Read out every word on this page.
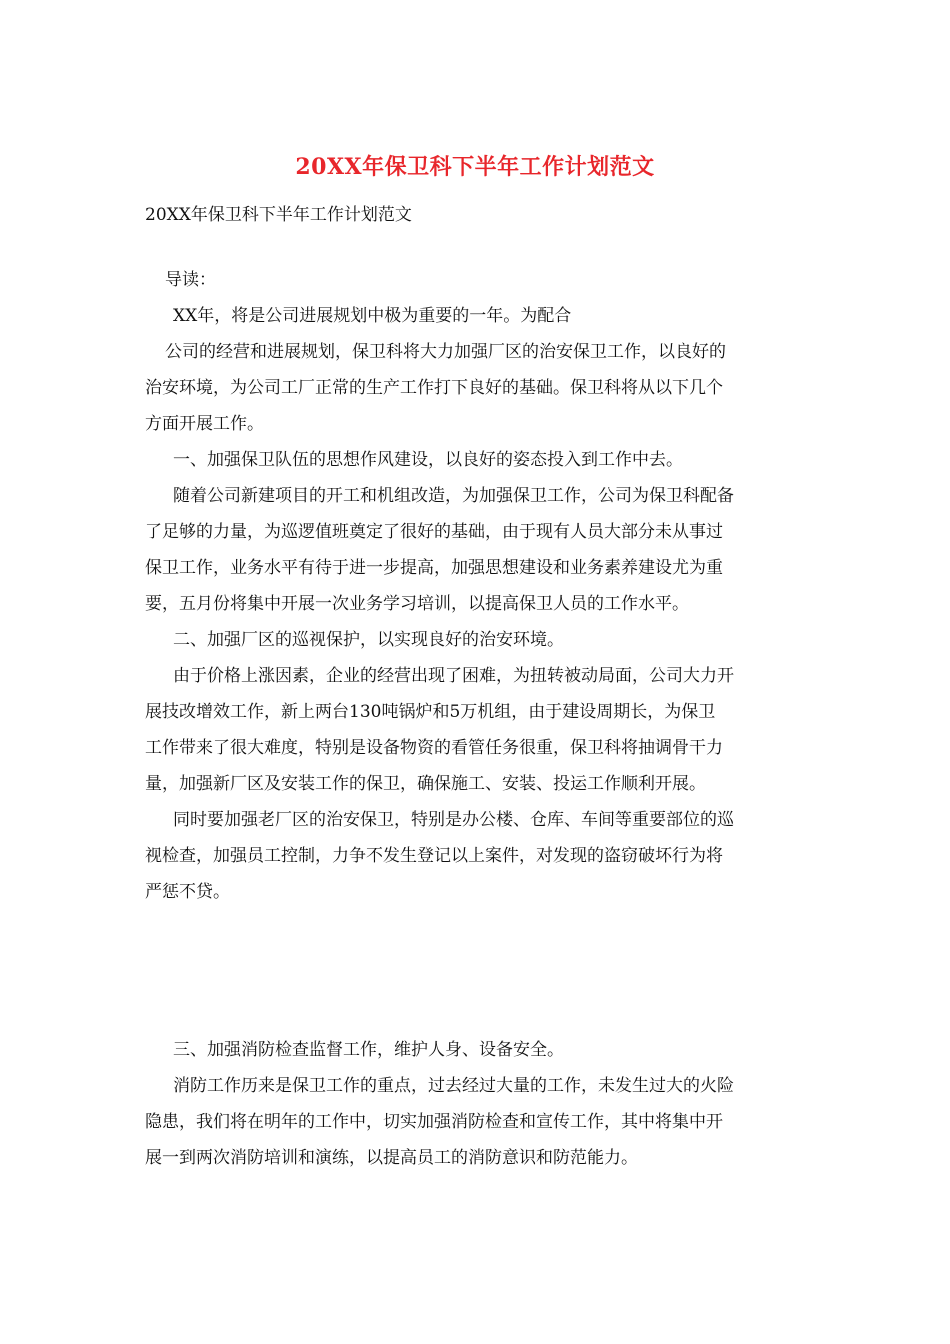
20XX年保卫科下半年工作计划范文
20XX年保卫科下半年工作计划范文
导读：
XX年，将是公司进展规划中极为重要的一年。为配合
公司的经营和进展规划，保卫科将大力加强厂区的治安保卫工作，以良好的
治安环境，为公司工厂正常的生产工作打下良好的基础。保卫科将从以下几个
方面开展工作。
一、加强保卫队伍的思想作风建设，以良好的姿态投入到工作中去。
随着公司新建项目的开工和机组改造，为加强保卫工作，公司为保卫科配备
了足够的力量，为巡逻值班奠定了很好的基础，由于现有人员大部分未从事过
保卫工作，业务水平有待于进一步提高，加强思想建设和业务素养建设尤为重
要，五月份将集中开展一次业务学习培训，以提高保卫人员的工作水平。
二、加强厂区的巡视保护，以实现良好的治安环境。
由于价格上涨因素，企业的经营出现了困难，为扭转被动局面，公司大力开
展技改增效工作，新上两台130吨锅炉和5万机组，由于建设周期长，为保卫
工作带来了很大难度，特别是设备物资的看管任务很重，保卫科将抽调骨干力
量，加强新厂区及安装工作的保卫，确保施工、安装、投运工作顺利开展。
同时要加强老厂区的治安保卫，特别是办公楼、仓库、车间等重要部位的巡
视检查，加强员工控制，力争不发生登记以上案件，对发现的盗窃破坏行为将
严惩不贷。
三、加强消防检查监督工作，维护人身、设备安全。
消防工作历来是保卫工作的重点，过去经过大量的工作，未发生过大的火险
隐患，我们将在明年的工作中，切实加强消防检查和宣传工作，其中将集中开
展一到两次消防培训和演练，以提高员工的消防意识和防范能力。
